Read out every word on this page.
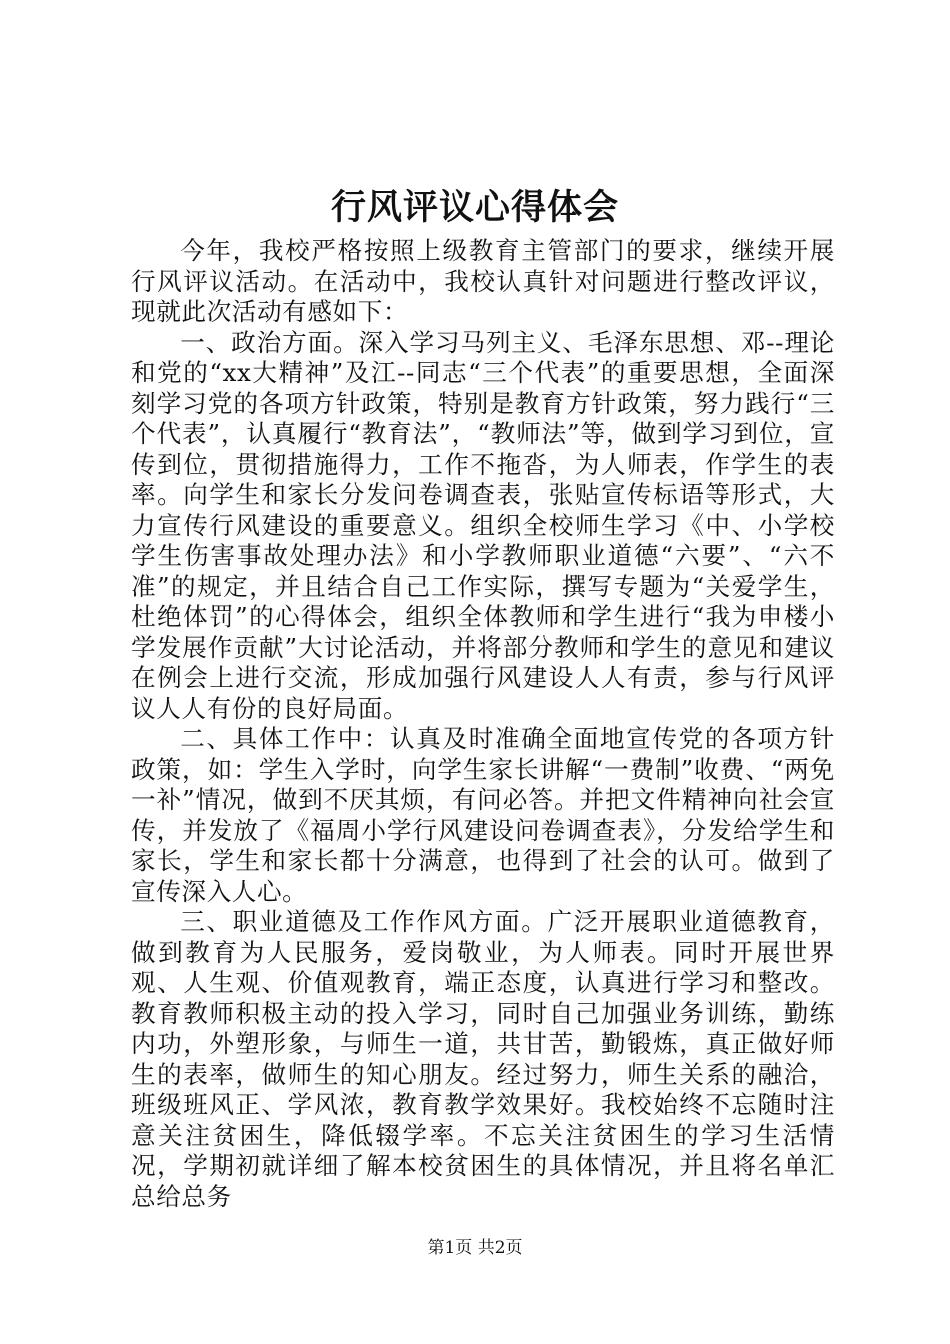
行风评议心得体会

今年，我校严格按照上级教育主管部门的要求，继续开展行风评议活动。在活动中，我校认真针对问题进行整改评议，现就此次活动有感如下：

一、政治方面。深入学习马列主义、毛泽东思想、邓--理论和党的“xx大精神”及江--同志“三个代表”的重要思想，全面深刻学习党的各项方针政策，特别是教育方针政策，努力践行“三个代表”，认真履行“教育法”，“教师法”等，做到学习到位，宣传到位，贯彻措施得力，工作不拖沓，为人师表，作学生的表率。向学生和家长分发问卷调查表，张贴宣传标语等形式，大力宣传行风建设的重要意义。组织全校师生学习《中、小学校学生伤害事故处理办法》和小学教师职业道德“六要”、“六不准”的规定，并且结合自己工作实际，撰写专题为“关爱学生，杜绝体罚”的心得体会，组织全体教师和学生进行“我为申楼小学发展作贡献”大讨论活动，并将部分教师和学生的意见和建议在例会上进行交流，形成加强行风建设人人有责，参与行风评议人人有份的良好局面。

二、具体工作中：认真及时准确全面地宣传党的各项方针政策，如：学生入学时，向学生家长讲解“一费制”收费、“两免一补”情况，做到不厌其烦，有问必答。并把文件精神向社会宣传，并发放了《福周小学行风建设问卷调查表》，分发给学生和家长，学生和家长都十分满意，也得到了社会的认可。做到了宣传深入人心。

三、职业道德及工作作风方面。广泛开展职业道德教育，做到教育为人民服务，爱岗敬业，为人师表。同时开展世界观、人生观、价值观教育，端正态度，认真进行学习和整改。教育教师积极主动的投入学习，同时自己加强业务训练，勤练内功，外塑形象，与师生一道，共甘苦，勤锻炼，真正做好师生的表率，做师生的知心朋友。经过努力，师生关系的融洽，班级班风正、学风浓，教育教学效果好。我校始终不忘随时注意关注贫困生，降低辍学率。不忘关注贫困生的学习生活情况，学期初就详细了解本校贫困生的具体情况，并且将名单汇总给总务

第1页 共2页
